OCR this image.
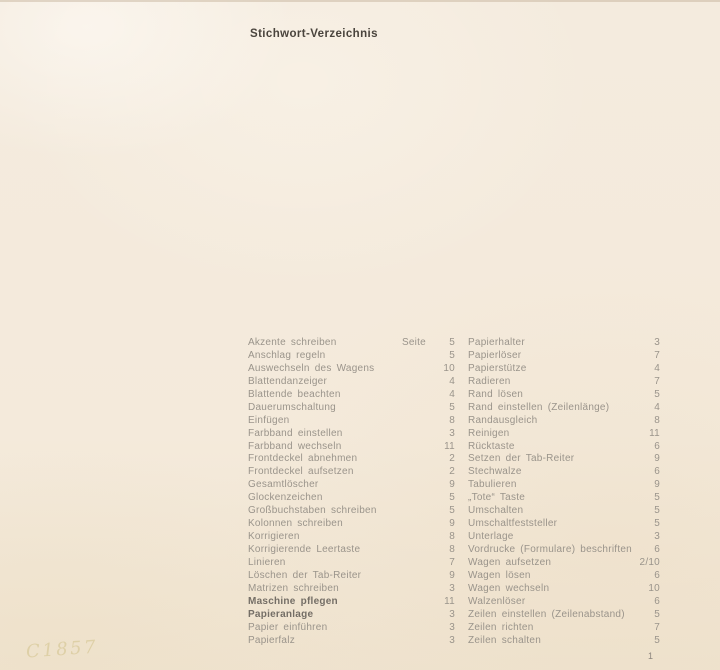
Stichwort-Verzeichnis
Akzente schreiben	Seite	5
Anschlag regeln	5
Auswechseln des Wagens	10
Blattendanzeiger	4
Blattende beachten	4
Dauerumschaltung	5
Einfügen	8
Farbband einstellen	3
Farbband wechseln	11
Frontdeckel abnehmen	2
Frontdeckel aufsetzen	2
Gesamtlöscher	9
Glockenzeichen	5
Großbuchstaben schreiben	5
Kolonnen schreiben	9
Korrigieren	8
Korrigierende Leertaste	8
Linieren	7
Löschen der Tab-Reiter	9
Matrizen schreiben	3
Maschine pflegen	11
Papieranlage	3
Papier einführen	3
Papierfalz	3
Papierhalter	3
Papierlöser	7
Papierstütze	4
Radieren	7
Rand lösen	5
Rand einstellen (Zeilenlänge)	4
Randausgleich	8
Reinigen	11
Rücktaste	6
Setzen der Tab-Reiter	9
Stechwalze	6
Tabulieren	9
„Tote“ Taste	5
Umschalten	5
Umschaltfeststeller	5
Unterlage	3
Vordrucke (Formulare) beschriften	6
Wagen aufsetzen	2/10
Wagen lösen	6
Wagen wechseln	10
Walzenlöser	6
Zeilen einstellen (Zeilenabstand)	5
Zeilen richten	7
Zeilen schalten	5
C1857	1
